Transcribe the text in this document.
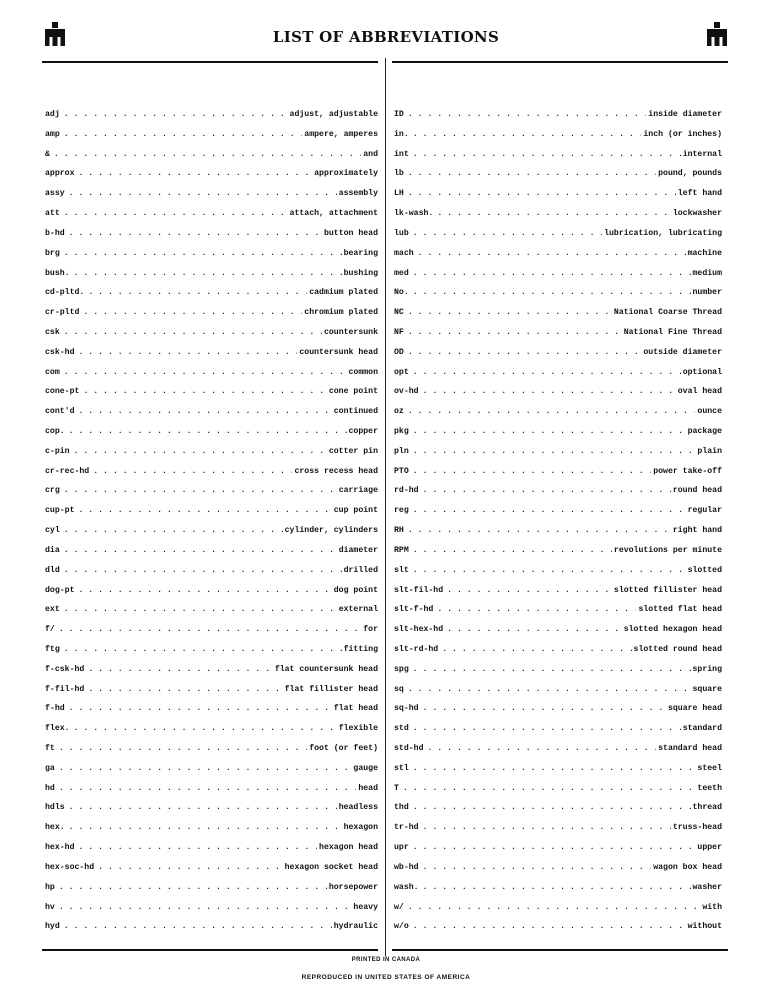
LIST OF ABBREVIATIONS
adj . . .	adjust, adjustable
amp . . .	ampere, amperes
& . . .	and
approx . . .	approximately
assy . . .	assembly
att . . .	attach, attachment
b-hd . . .	button head
brg . . .	bearing
bush. . . .	bushing
cd-pltd. . . .	cadmium plated
cr-pltd . . .	chromium plated
csk . . .	countersunk
csk-hd . . .	countersunk head
com . . .	common
cone-pt . . .	cone point
cont'd . . .	continued
cop. . . .	copper
c-pin . . .	cotter pin
cr-rec-hd . . .	cross recess head
crg . . .	carriage
cup-pt . . .	cup point
cyl . . .	cylinder, cylinders
dia . . .	diameter
dld . . .	drilled
dog-pt . . .	dog point
ext . . .	external
f/ . . .	for
ftg . . .	fitting
f-csk-hd . . .	flat countersunk head
f-fil-hd . . .	flat fillister head
f-hd . . .	flat head
flex. . . .	flexible
ft . . .	foot (or feet)
ga . . .	gauge
hd . . .	head
hdls . . .	headless
hex. . . .	hexagon
hex-hd . . .	hexagon head
hex-soc-hd . . .	hexagon socket head
hp . . .	horsepower
hv . . .	heavy
hyd . . .	hydraulic
ID . . .	inside diameter
in. . . .	inch (or inches)
int . . .	internal
lb . . .	pound, pounds
LH . . .	left hand
lk-wash. . . .	lockwasher
lub . . .	lubrication, lubricating
mach . . .	machine
med . . .	medium
No. . . .	number
NC . . .	National Coarse Thread
NF . . .	National Fine Thread
OD . . .	outside diameter
opt . . .	optional
ov-hd . . .	oval head
oz . . .	ounce
pkg . . .	package
pln . . .	plain
PTO . . .	power take-off
rd-hd . . .	round head
reg . . .	regular
RH . . .	right hand
RPM . . .	revolutions per minute
slt . . .	slotted
slt-fil-hd . . .	slotted fillister head
slt-f-hd . . .	slotted flat head
slt-hex-hd . . .	slotted hexagon head
slt-rd-hd . . .	slotted round head
spg . . .	spring
sq . . .	square
sq-hd . . .	square head
std . . .	standard
std-hd . . .	standard head
stl . . .	steel
T . . .	teeth
thd . . .	thread
tr-hd . . .	truss-head
upr . . .	upper
wb-hd . . .	wagon box head
wash. . . .	washer
w/ . . .	with
w/o . . .	without
PRINTED IN CANADA
REPRODUCED IN UNITED STATES OF AMERICA
